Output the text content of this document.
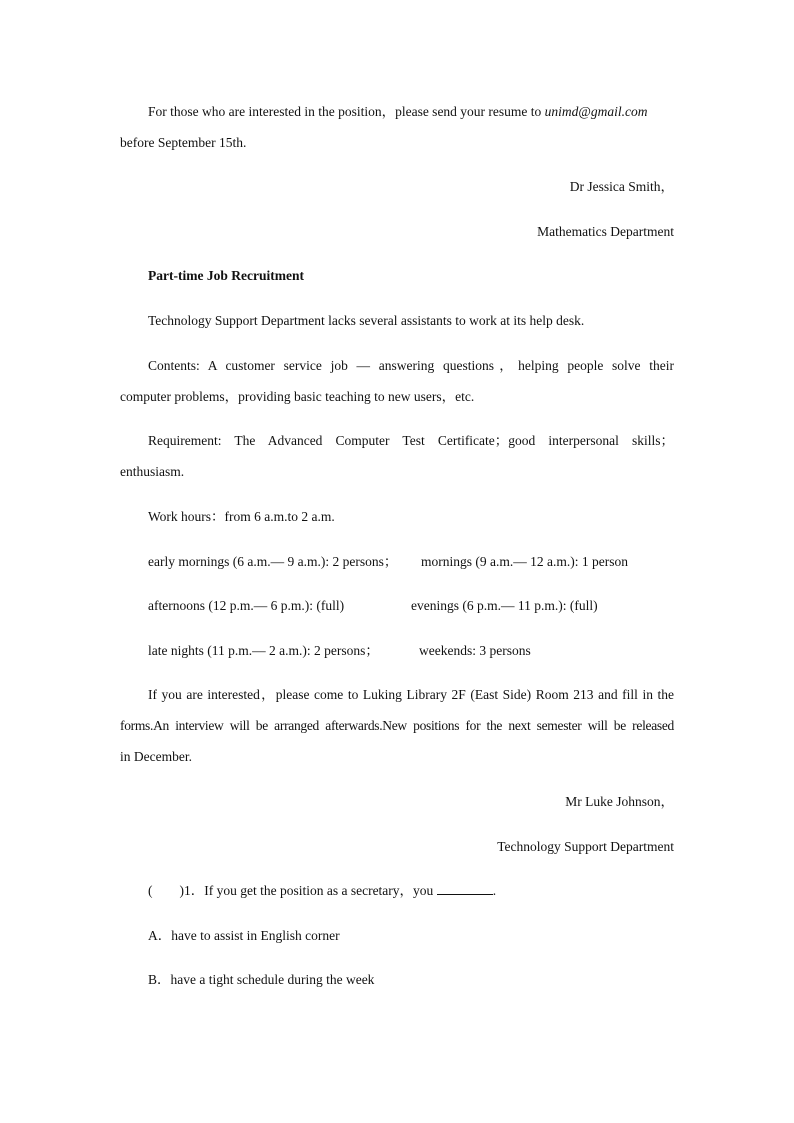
For those who are interested in the position，please send your resume to unimd@gmail.com
before September 15th.
Dr Jessica Smith，
Mathematics Department
Part-time Job Recruitment
Technology Support Department lacks several assistants to work at its help desk.
Contents: A customer service job — answering questions，helping people solve their
computer problems，providing basic teaching to new users，etc.
Requirement: The Advanced Computer Test Certificate；good interpersonal skills；
enthusiasm.
Work hours：from 6 a.m.to 2 a.m.
early mornings (6 a.m.— 9 a.m.): 2 persons； mornings (9 a.m.— 12 a.m.): 1 person
afternoons (12 p.m.— 6 p.m.): (full)	evenings (6 p.m.— 11 p.m.): (full)
late nights (11 p.m.— 2 a.m.): 2 persons；	weekends: 3 persons
If you are interested，please come to Luking Library 2F (East Side) Room 213 and fill in the
forms.An interview will be arranged afterwards.New positions for the next semester will be released
in December.
Mr Luke Johnson，
Technology Support Department
(　　)1．If you get the position as a secretary，you	.
A．have to assist in English corner
B．have a tight schedule during the week
